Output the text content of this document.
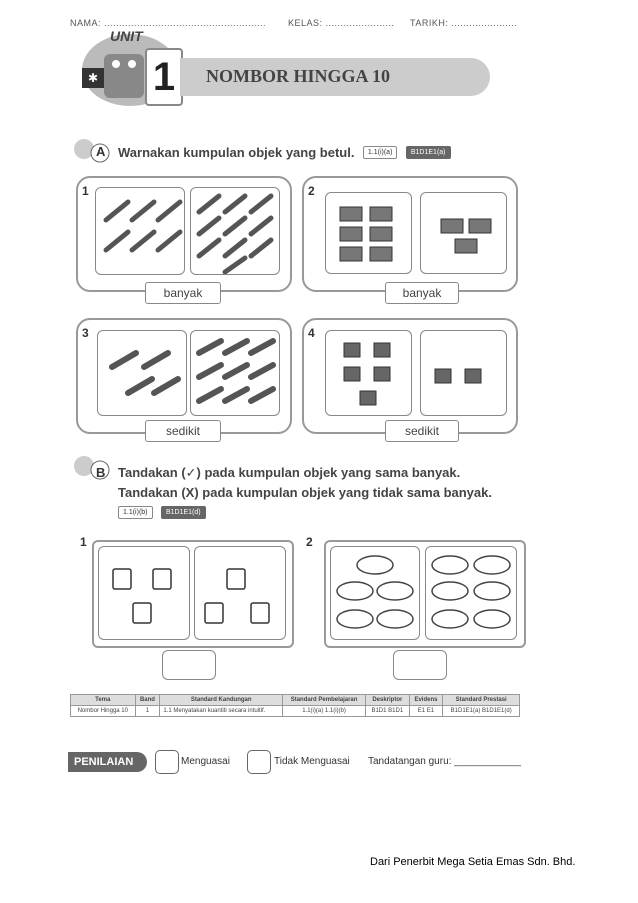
NAMA: ...................................................... KELAS: ....................... TARIKH: ......................
✱
UNIT
1	NOMBOR HINGGA 10
A Warnakan kumpulan objek yang betul. 1.1(i)(a)	B1D1E1(a)
1
banyak
2
banyak
3
sedikit
4
sedikit
B Tandakan (✓) pada kumpulan objek yang sama banyak.
Tandakan (X) pada kumpulan objek yang tidak sama banyak.
1.1(i)(b)	B1D1E1(d)
1	2
Tema	Band	Standard Kandungan	Standard Pembelajaran	Deskriptor	Evidens	Standard Prestasi
Nombor Hingga 10	1	1.1 Menyatakan kuantiti secara intuitif.	1.1(i)(a) 1.1(i)(b)	B1D1 B1D1	E1 E1	B1D1E1(a) B1D1E1(d)
PENILAIAN	Menguasai	Tidak Menguasai Tandatangan guru: ____________
Dari Penerbit Mega Setia Emas Sdn. Bhd.
